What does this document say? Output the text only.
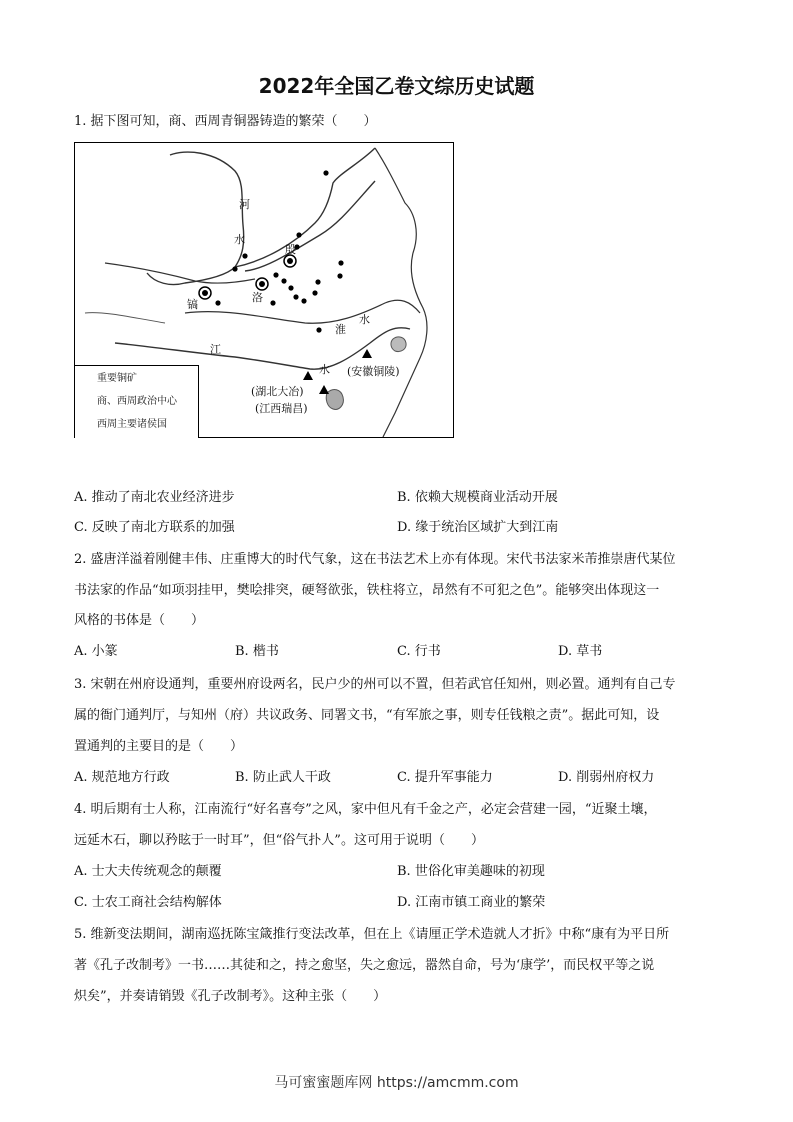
2022年全国乙卷文综历史试题
1. 据下图可知，商、西周青铜器铸造的繁荣（　　）
河
水
殷
镐
洛
淮
水
江
水 (安徽铜陵)
(湖北大冶)
(江西瑞昌)
重要铜矿
商、西周政治中心
西周主要诸侯国
A. 推动了南北农业经济进步	B. 依赖大规模商业活动开展
C. 反映了南北方联系的加强	D. 缘于统治区域扩大到江南
2. 盛唐洋溢着刚健丰伟、庄重博大的时代气象，这在书法艺术上亦有体现。宋代书法家米芾推崇唐代某位
书法家的作品“如项羽挂甲，樊哙排突，硬弩欲张，铁柱将立，昂然有不可犯之色”。能够突出体现这一
风格的书体是（　　）
A. 小篆	B. 楷书	C. 行书	D. 草书
3. 宋朝在州府设通判，重要州府设两名，民户少的州可以不置，但若武官任知州，则必置。通判有自己专
属的衙门通判厅，与知州（府）共议政务、同署文书，“有军旅之事，则专任钱粮之责”。据此可知，设
置通判的主要目的是（　　）
A. 规范地方行政	B. 防止武人干政	C. 提升军事能力	D. 削弱州府权力
4. 明后期有士人称，江南流行“好名喜夸”之风，家中但凡有千金之产，必定会营建一园，“近聚土壤，
远延木石，聊以矜眩于一时耳”，但“俗气扑人”。这可用于说明（　　）
A. 士大夫传统观念的颠覆	B. 世俗化审美趣味的初现
C. 士农工商社会结构解体	D. 江南市镇工商业的繁荣
5. 维新变法期间，湖南巡抚陈宝箴推行变法改革，但在上《请厘正学术造就人才折》中称“康有为平日所
著《孔子改制考》一书……其徒和之，持之愈坚，失之愈远，嚣然自命，号为‘康学’，而民权平等之说
炽矣”，并奏请销毁《孔子改制考》。这种主张（　　）
马可蜜蜜题库网 https://amcmm.com
